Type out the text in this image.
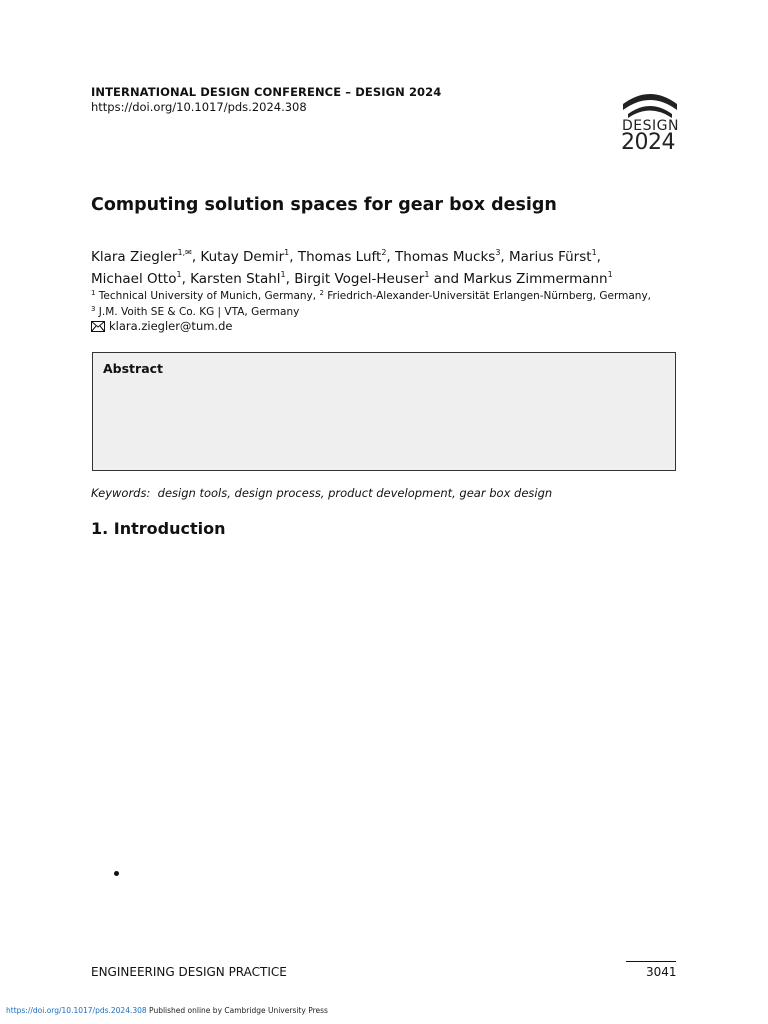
INTERNATIONAL DESIGN CONFERENCE – DESIGN 2024
https://doi.org/10.1017/pds.2024.308
DESIGN
2024
Computing solution spaces for gear box design
Klara Ziegler$^{1,✉}$, Kutay Demir$^1$, Thomas Luft$^2$, Thomas Mucks$^3$, Marius Fürst$^1$,
Michael Otto$^1$, Karsten Stahl$^1$, Birgit Vogel-Heuser$^1$ and Markus Zimmermann$^1$
$^1$ Technical University of Munich, Germany, $^2$ Friedrich-Alexander-Universität Erlangen-Nürnberg, Germany,
$^3$ J.M. Voith SE & Co. KG | VTA, Germany
klara.ziegler@tum.de
Abstract
Keywords: design tools, design process, product development, gear box design
1. Introduction
ENGINEERING DESIGN PRACTICE	3041
https://doi.org/10.1017/pds.2024.308 Published online by Cambridge University Press
